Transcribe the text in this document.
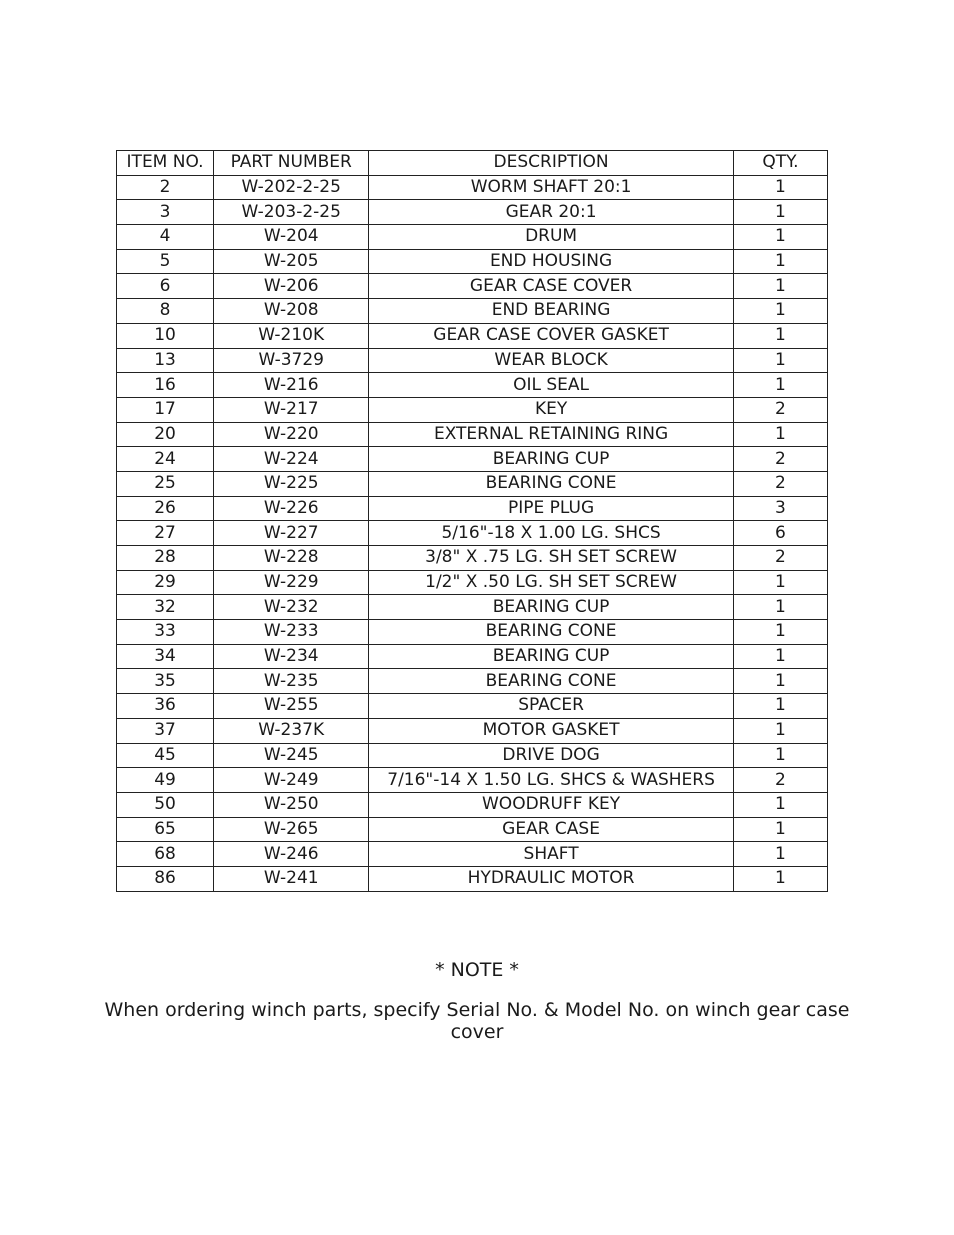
ITEM NO.	PART NUMBER	DESCRIPTION	QTY.
2	W-202-2-25	WORM SHAFT 20:1	1
3	W-203-2-25	GEAR 20:1	1
4	W-204	DRUM	1
5	W-205	END HOUSING	1
6	W-206	GEAR CASE COVER	1
8	W-208	END BEARING	1
10	W-210K	GEAR CASE COVER GASKET	1
13	W-3729	WEAR BLOCK	1
16	W-216	OIL SEAL	1
17	W-217	KEY	2
20	W-220	EXTERNAL RETAINING RING	1
24	W-224	BEARING CUP	2
25	W-225	BEARING CONE	2
26	W-226	PIPE PLUG	3
27	W-227	5/16"-18 X 1.00 LG. SHCS	6
28	W-228	3/8" X .75 LG. SH SET SCREW	2
29	W-229	1/2" X .50 LG. SH SET SCREW	1
32	W-232	BEARING CUP	1
33	W-233	BEARING CONE	1
34	W-234	BEARING CUP	1
35	W-235	BEARING CONE	1
36	W-255	SPACER	1
37	W-237K	MOTOR GASKET	1
45	W-245	DRIVE DOG	1
49	W-249	7/16"-14 X 1.50 LG. SHCS & WASHERS	2
50	W-250	WOODRUFF KEY	1
65	W-265	GEAR CASE	1
68	W-246	SHAFT	1
86	W-241	HYDRAULIC MOTOR	1
* NOTE *
When ordering winch parts, specify Serial No. & Model No. on winch gear case cover
